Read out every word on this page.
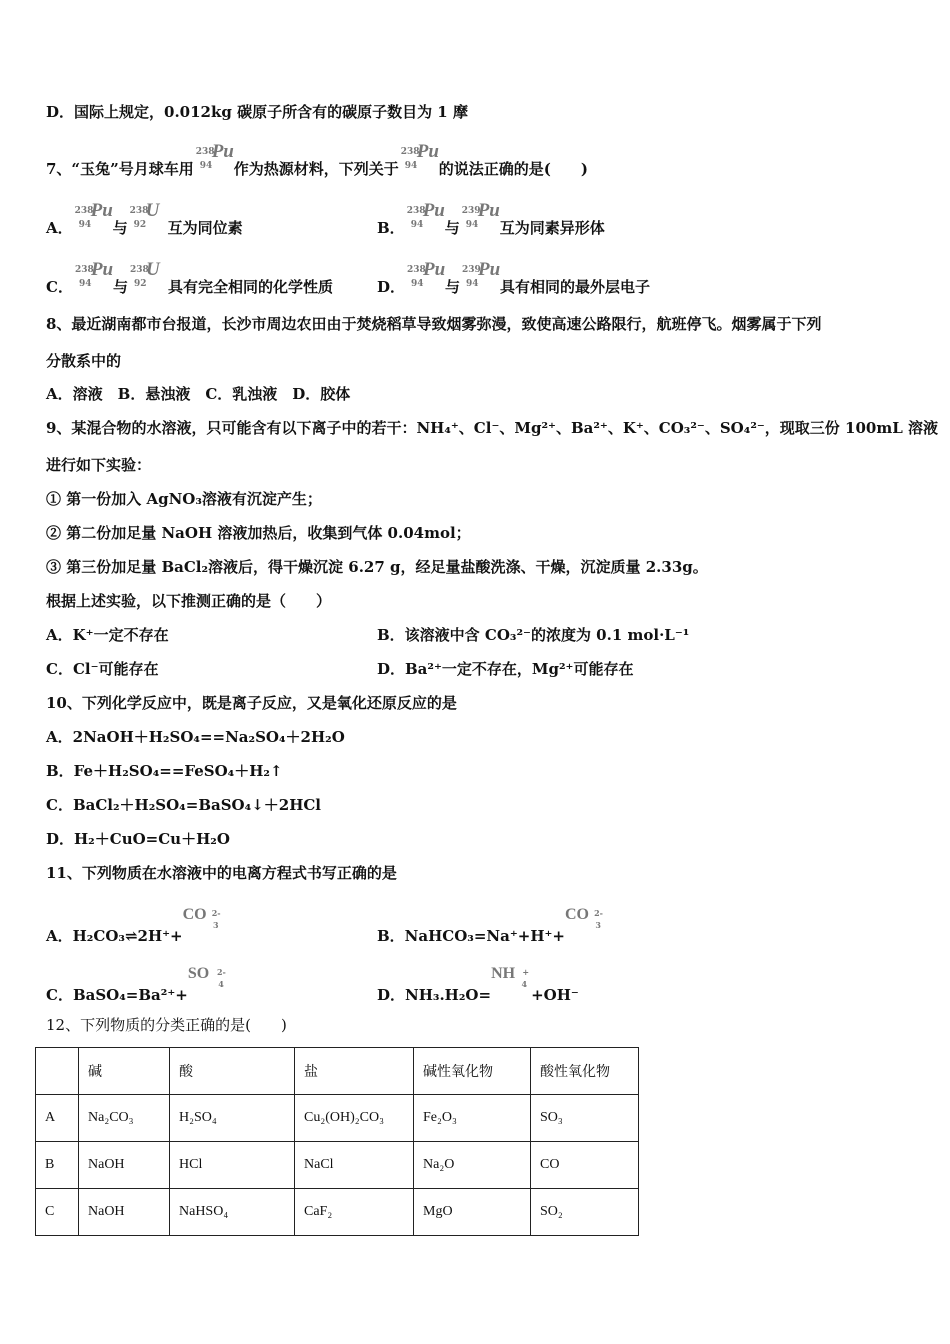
D．国际上规定，0.012kg 碳原子所含有的碳原子数目为 1 摩
7、“玉兔”号月球车用
238
94
Pu
作为热源材料，下列关于
238
94
Pu
的说法正确的是(　　)
A．
238
94
Pu
与
238
92
U
互为同位素	B．
238
94
Pu
与
239
94
Pu
互为同素异形体
C．
238
94
Pu
与
238
92
U
具有完全相同的化学性质	D．
238
94
Pu
与
239
94
Pu
具有相同的最外层电子
8、最近湖南都市台报道，长沙市周边农田由于焚烧稻草导致烟雾弥漫，致使高速公路限行，航班停飞。烟雾属于下列
分散系中的
A．溶液　B．悬浊液　C．乳浊液　D．胶体
9、某混合物的水溶液，只可能含有以下离子中的若干：NH₄⁺、Cl⁻、Mg²⁺、Ba²⁺、K⁺、CO₃²⁻、SO₄²⁻，现取三份 100mL 溶液
进行如下实验：
① 第一份加入 AgNO₃溶液有沉淀产生；
② 第二份加足量 NaOH 溶液加热后，收集到气体 0.04mol；
③ 第三份加足量 BaCl₂溶液后，得干燥沉淀 6.27 g，经足量盐酸洗涤、干燥，沉淀质量 2.33g。
根据上述实验，以下推测正确的是（　　）
A．K⁺一定不存在	B．该溶液中含 CO₃²⁻的浓度为 0.1 mol·L⁻¹
C．Cl⁻可能存在	D．Ba²⁺一定不存在，Mg²⁺可能存在
10、下列化学反应中，既是离子反应，又是氧化还原反应的是
A．2NaOH＋H₂SO₄==Na₂SO₄＋2H₂O
B．Fe＋H₂SO₄==FeSO₄＋H₂↑
C．BaCl₂＋H₂SO₄=BaSO₄↓＋2HCl
D．H₂＋CuO=Cu＋H₂O
11、下列物质在水溶液中的电离方程式书写正确的是
A．H₂CO₃⇌2H⁺+
CO 2-
3
B．NaHCO₃=Na⁺+H⁺+
CO 2-
3
C．BaSO₄=Ba²⁺+
SO 2-
4
D．NH₃.H₂O=
NH +
4
+OH⁻
12、下列物质的分类正确的是(　　)
	碱	酸	盐	碱性氧化物	酸性氧化物
A	Na₂CO₃	H₂SO₄	Cu₂(OH)₂CO₃	Fe₂O₃	SO₃
B	NaOH	HCl	NaCl	Na₂O	CO
C	NaOH	NaHSO₄	CaF₂	MgO	SO₂
